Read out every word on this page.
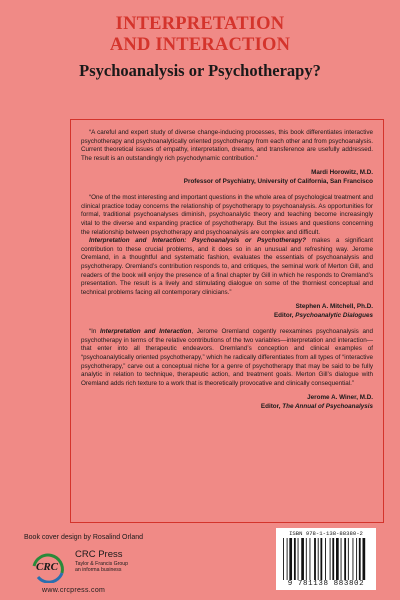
INTERPRETATION
AND INTERACTION
Psychoanalysis or Psychotherapy?

“A careful and expert study of diverse change-inducing processes, this book differentiates interactive psychotherapy and psychoanalytically oriented psychotherapy from each other and from psychoanalysis. Current theoretical issues of empathy, interpretation, dreams, and transference are usefully addressed. The result is an outstandingly rich psychodynamic contribution.”

Mardi Horowitz, M.D.

Professor of Psychiatry, University of California, San Francisco

“One of the most interesting and important questions in the whole area of psychological treatment and clinical practice today concerns the relationship of psychotherapy to psychoanalysis. As opportunities for formal, traditional psychoanalyses diminish, psychoanalytic theory and teaching become increasingly vital to the diverse and expanding practice of psychotherapy. But the issues and questions concerning the relationship between psychotherapy and psychoanalysis are complex and difficult.

Interpretation and Interaction: Psychoanalysis or Psychotherapy? makes a significant contribution to these crucial problems, and it does so in an unusual and refreshing way. Jerome Oremland, in a thoughtful and systematic fashion, evaluates the essentials of psychoanalysis and psychotherapy. Oremland’s contribution responds to, and critiques, the seminal work of Merton Gill, and readers of the book will enjoy the presence of a final chapter by Gill in which he responds to Oremland’s presentation. The result is a lively and stimulating dialogue on some of the thorniest conceptual and technical problems facing all contemporary clinicians.”

Stephen A. Mitchell, Ph.D.

Editor, Psychoanalytic Dialogues

“In Interpretation and Interaction, Jerome Oremland cogently reexamines psychoanalysis and psychotherapy in terms of the relative contributions of the two variables—interpretation and interaction—that enter into all therapeutic endeavors. Oremland’s conception and clinical examples of “psychoanalytically oriented psychotherapy,” which he radically differentiates from all types of “interactive psychotherapy,” carve out a conceptual niche for a genre of psychotherapy that may be said to be fully analytic in relation to technique, therapeutic action, and treatment goals. Merton Gill’s dialogue with Oremland adds rich texture to a work that is theoretically provocative and clinically consequential.”

Jerome A. Winer, M.D.

Editor, The Annual of Psychoanalysis

Book cover design by Rosalind Orland
CRC
CRC Press
Taylor & Francis Group
an informa business
www.crcpress.com
ISBN 978-1-138-88380-2
9 781138 883802
